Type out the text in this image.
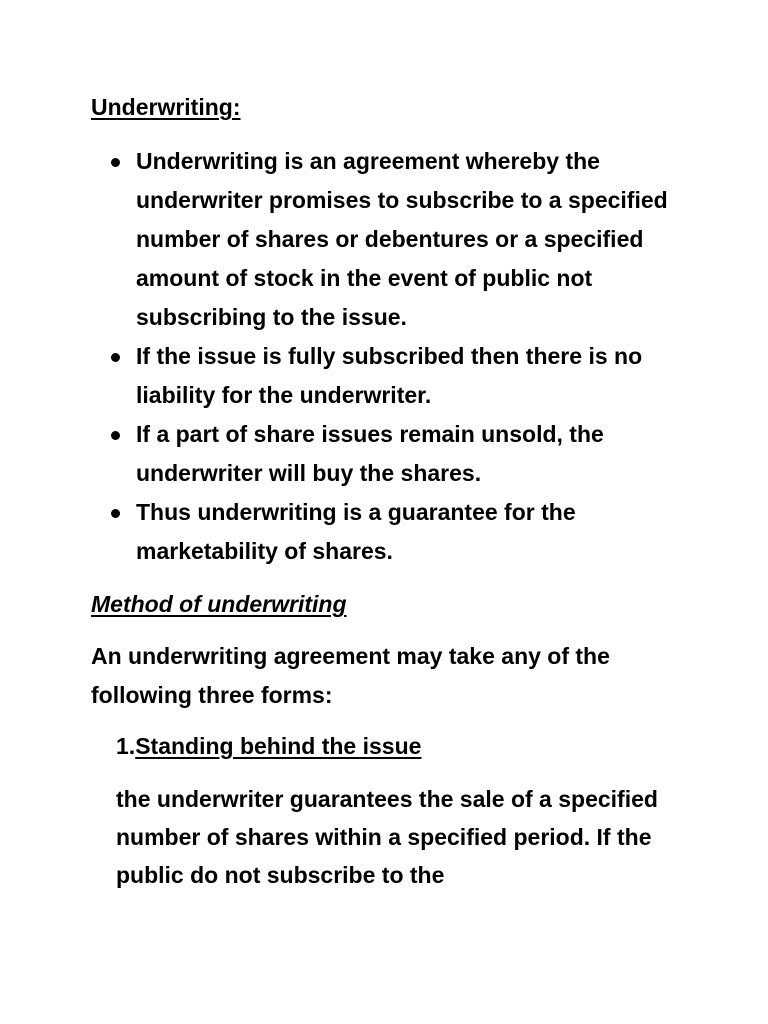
Underwriting:
Underwriting is an agreement whereby the underwriter promises to subscribe to a specified number of shares or debentures or a specified amount of stock in the event of public not subscribing to the issue.
If the issue is fully subscribed then there is no liability for the underwriter.
If a part of share issues remain unsold, the underwriter will buy the shares.
Thus underwriting is a guarantee for the marketability of shares.
Method of underwriting

An underwriting agreement may take any of the following three forms:

1.Standing behind the issue

the underwriter guarantees the sale of a specified number of shares within a specified period. If the public do not subscribe to the
